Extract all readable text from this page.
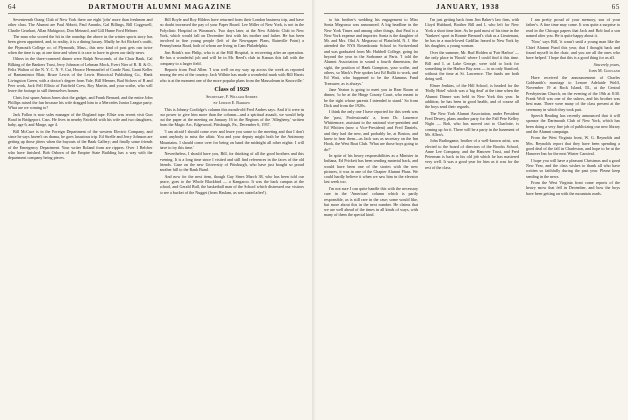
64	DARTMOUTH ALUMNI MAGAZINE

Seventeenth Orang Club of New York there are eight 'jobs' more than freshmen and other class. The Alumni are Paul Abbott, Paul Anunks, Gal Billings, Bill Coggswell, Charlie Gearhart, Allan Mahigroot, Don Meinard, and Gill Hume Ford Helmer.

The man who scored the hit in the roundup the above in the winter sports story has been given appointed, and, in reality, it is a dining luxury. Madly he Art Rickert's outfit, the Plymouth College co. of Plymouth, Mass., this new kind of post gets run twice when the time is up; at one time and when it is rare to have in given our daily news.

Others in the three-cornered dinner were Ralph Newcomb, of the Chair Bank, Cal Bilking of the Bankers Trust, Jerry Johnson of Lehman Mock, Evert Nier of B. B. & O., Felix Walton of the N. Y. C. N. V. Cat, Horace Hermanfiel of Conde Nast, Grant Keller of Bantamintor Blair, Bruce Lewis of the Lewis Historical Publishing Co., Hank Livingston Green, with a doctor's degree from Yale, Bill Menner, Bud Sichers of R and Peer work, Jack Fell Ellisio of Fairfield Crew, Roy Martin, and your scribe, who will leave the footage to still themselves homes.

Chris Jost spurn Anton Jones shot the gadget, and Frank Bernard, and the entire John Phillips raised the fun because his wife dragged him to a Mercedes Junior League party. What are we coming to?

Jack Fallon is now sales manager of the Dogland tape. Ellsie was recent visit Gun Road in Bridgeport. Cass. He lives in nearby Fairfield with his wife and two daughters, baby, age 6, and Marge, age 4.

Bill McCure is in the Foreign Department of the western Electric Company, and since he says haven't on drama, he goes luxurious trip. Ed Strelle and Jerry Johnson are getting up those jitters when the buyouts of the Bank Gallery; and finally some friends of the Emergency Department. Your writer Roland from are rippers. Over 1 Belcher who have finished. Bob Osborn of the Empire State Building has a way with the department company being pieces.

Bill Boyle and Roy Hilders have returned from their London business trip, and have no doubt increased the pay of your Paper Board. Lee Miller of New York, is not in the Polyclinic Hospital or Waxman's. Two days later, at the New Athletic Club in New York, which would fall on December first with his mother and father. He has been involved in fine young people (left of the Newspaper Plans, Rainville Point) a Pennsylvania Road, both of whom are living in Cam Philadelphia.

Jim Brink's son Philip, who is at the Hill Hospital, is recovering after an operation. He has a wonderful job and will be in Mr. Reed's club in Kansas this fall with the company to a larger field.

Reports from Paul Allen: 'I was well on my way up across the week as reported among the rest of the country. Jack Wilhite has made a wonderful mark with Bill Harris who is at the moment one of the more popular plans from the Mausoleum in Knoxville.'

Class of 1929

Secretary, F. William Andres

by Lindon E. Barrow

This is Johnny Coolidge's column this month-old Fred Andres says. And if it were in our power to give him more than the column—and a spiritual assault, we would help out the paper at the meeting on January 16 in the Regions of the 'Allegheny,' written from the Magic Arc, Edgewood, Pittsburgh, Pa., December 6, 1937.

'I am afraid I should come over and leave you some to the meeting and that I don't want anybody to miss the affair. You and your deputy might both be the Antimony Mountains. I should come over for being on hand the midnight all other nights: I will have to try this time.'

Nevertheless, I should have you, Bill, for thinking of all the good brothers and this evening. It is a long time since I visited and still find references in the faces of the old friends. Gaze on the new University of Pittsburgh, who have just bought so proud another hill to the Rank Band.

And now for the next item, though Guy Sines March 38, who has been told our peace, goes to the Whole Blackbird — a Kangaroo. It was the back campus at the school, and Gerald Bull, the basketball man of the School which distressed our visitors to see a bucket of the Nugget (from Haslam, as was stated after!).

JANUARY, 1938	65

to his brother's wedding his engagement to Miss Sonia Megrasso was announced. A big headline in the New York Times and among other things, that Paul is a New York expense and importer. Sonia is the daughter of Mr. and Mrs. Olaf A. Megrasso of Plainfield, N. J. She attended the NYA Rosenkrantz School in Switzerland and was graduated from Mr. Hubbell College, going far beyond the year in the Sorbonne at Paris. 'I told the Alumni Association to sound a fourth dimension, the sight, the position of Hank Gompton, your scribe, and others, so Mack's Pete spokes last Ed Bullit to work, and Ed Watt, who happened to be the Alumnus Fund Treasurer, as is always.'

Jane Yeaton is going to meet you in Rear Room at dinner, 'to be at the Hinge County Court, who meant to be the right whose parents I intended to stand.' So from Dick and from the 1920s.

I think the only one I have reported for this week was the 'past, Professionals' a, from Dr. Laurence Whittemore, assistant to the national vice-president and Ed Whitten (now a Vice-President) and Fred Daniels, and they had the new, and probably he, at Boston, and knew to hear them—as Jack was as secretary on the Inn Hook, the West Boat Club. 'What are those boys going to do?'

In spite of his heavy responsibilities as a Minister in Indiana, Ed Prickett has been sending material back, and would have been one of the stories with the new pictures, it was in one of the Chapter Alumni Plans. We could hardly believe it when we saw him in the elevator last week too.

I'm not sure I can quite handle this with the necessary care in the 'American' column which is partly responsible, as is still rare in the case; some would like, but more about this in the next number. He claims that we are well ahead of the times in all kinds of ways, with many of them the special kind.

I'm just getting back from Jim Baker's law firm, with Lloyd Hubbard, Brother Bill and I, who left for New York a short time later. As he paid most of his time in the 'Yankees' sport in Ronnie Bernard's club as a Lieutenant, he has in a much-loved Cadillac leased to New York by his daughter, a young woman.

Over the summer, Mr. Bud Holden at 'Fair Harbor' — the only place in 'Brook' where I could find it this time. Bill and I, at Lake George, were told to look for something in the Harbor Bay area — to us only Stanford, without the time at St. Lawrence. The funds are both doing well.

Elmer Jenkins, of the Hill School, is headed for the 'Holly Hotel' which was a 'big deal' at the time when the Alumni Dinner was held in New York this year. In addition, he has been in good health, and of course all the boys send their regards.

The New York Alumni Association, under President Fred Dewey, plans another party for the Fall Pete Kelley Night — Bob, who has moved out to Charlotte, is coming up for it. There will be a party in the basement of Mr. Allen's.

John Burlingame, brother of a well-known artist, was elected to the board of directors of the Brooks School, Anne Lee Company, and the Hanover Trust, and Fred Peterman is back in his old job which he has mastered very well. It was a good year for him as it was for the rest of the class.

I am pretty proud of your memory, son of your father's. A fine time may come. It was quite a surprise to read in the Chicago papers that Jack and Bob had a son named after you. He is quite happy about it.

'Now,' says Bill, 'it wasn't until a young man like the Chief Alumni Fund this year, that I thought back and found myself in the chair, and you are all the ones who have helped.' I hope that this is a good thing for us all.

Sincerely yours,

John M. Gowland

Have received the announcement of Charles Goldsmith's marriage to Lenore Adelaide Wolff, November 19 at Rock Island, Ill., at the Central Presbyterian Church, on the evening of the 19th at 8:30. Frank Wolf was one of the ushers, and his brother was best man. There were many of the class present at the ceremony in which they took part.

Speech Reading has recently announced that it will sponsor the Dartmouth Club of New York, which has been doing a very fine job of publicizing our new library and the Alumni campaign.

From the West Virginia front, W. G. Reynolds and Mrs. Reynolds report that they have been spending a good deal of the fall in Charleston, and hope to be at the Hanover Inn for the next Winter Carnival.

I hope you will have a pleasant Christmas and a good New Year, and the class wishes to thank all who have written so faithfully during the past year. Please keep sending in the news.

From the West Virginia front come reports of the heavy snow that fell in December, and how the boys have been getting on with the mountain roads.
